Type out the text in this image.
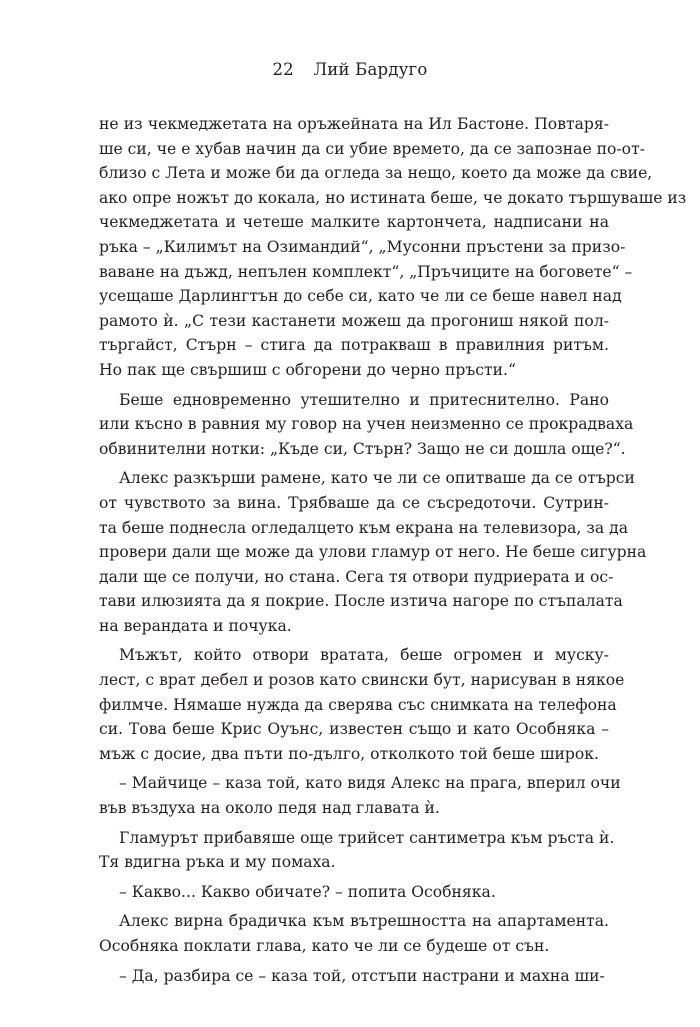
22 Лий Бардуго
не из чекмеджетата на оръжейната на Ил Бастоне. Повтаря-
ше си, че е хубав начин да си убие времето, да се запознае по-от-
близо с Лета и може би да огледа за нещо, което да може да свие,
ако опре ножът до кокала, но истината беше, че докато тършуваше из
чекмеджетата и четеше малките картончета, надписани на
ръка – „Килимът на Озимандий“, „Мусонни пръстени за призо-
ваване на дъжд, непълен комплект“, „Пръчиците на боговете“ –
усещаше Дарлингтън до себе си, като че ли се беше навел над
рамото ѝ. „С тези кастанети можеш да прогониш някой пол-
търгайст, Стърн – стига да потракваш в правилния ритъм.
Но пак ще свършиш с обгорени до черно пръсти.“
Беше едновременно утешително и притеснително. Рано
или късно в равния му говор на учен неизменно се прокрадваха
обвинителни нотки: „Къде си, Стърн? Защо не си дошла още?“.
Алекс разкърши рамене, като че ли се опитваше да се отърси
от чувството за вина. Трябваше да се съсредоточи. Сутрин-
та беше поднесла огледалцето към екрана на телевизора, за да
провери дали ще може да улови гламур от него. Не беше сигурна
дали ще се получи, но стана. Сега тя отвори пудриерата и ос-
тави илюзията да я покрие. После изтича нагоре по стъпалата
на верандата и почука.
Мъжът, който отвори вратата, беше огромен и муску-
лест, с врат дебел и розов като свински бут, нарисуван в някое
филмче. Нямаше нужда да сверява със снимката на телефона
си. Това беше Крис Оуънс, известен също и като Особняка –
мъж с досие, два пъти по-дълго, отколкото той беше широк.
– Майчице – каза той, като видя Алекс на прага, вперил очи
във въздуха на около педя над главата ѝ.
Гламурът прибавяше още трийсет сантиметра към ръста ѝ.
Тя вдигна ръка и му помаха.
– Какво... Какво обичате? – попита Особняка.
Алекс вирна брадичка към вътрешността на апартамента.
Особняка поклати глава, като че ли се будеше от сън.
– Да, разбира се – каза той, отстъпи настрани и махна ши-
